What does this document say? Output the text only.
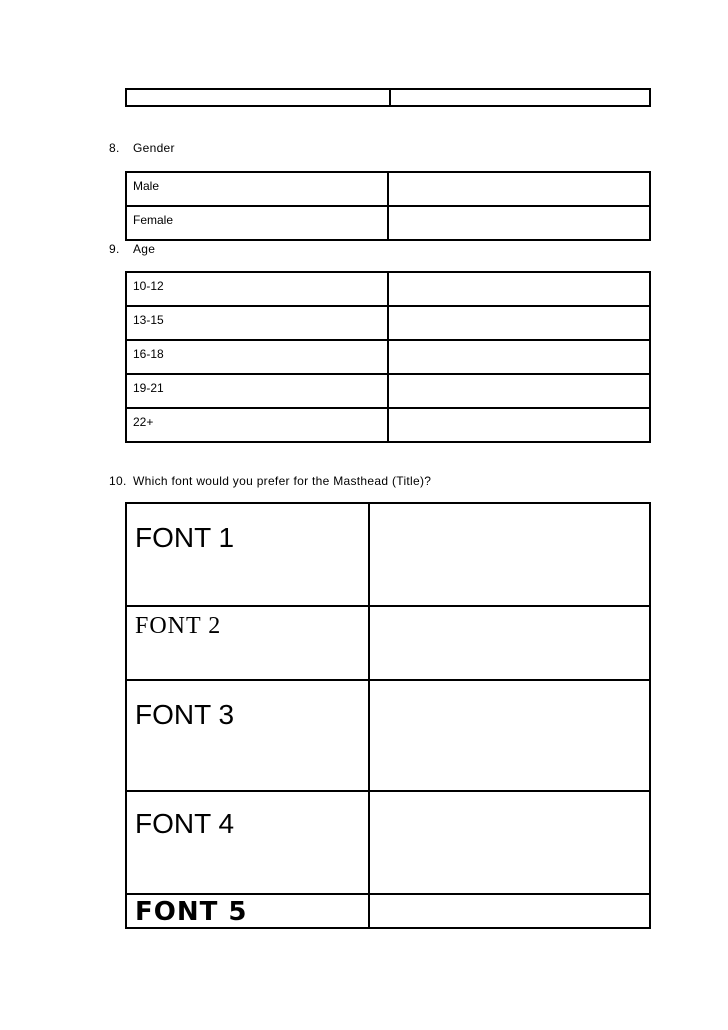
8. Gender
Male	
Female	
9. Age
10-12	
13-15	
16-18	
19-21	
22+	
10. Which font would you prefer for the Masthead (Title)?
FONT 1	
FONT 2	
FONT 3	
FONT 4	
FONT 5	
